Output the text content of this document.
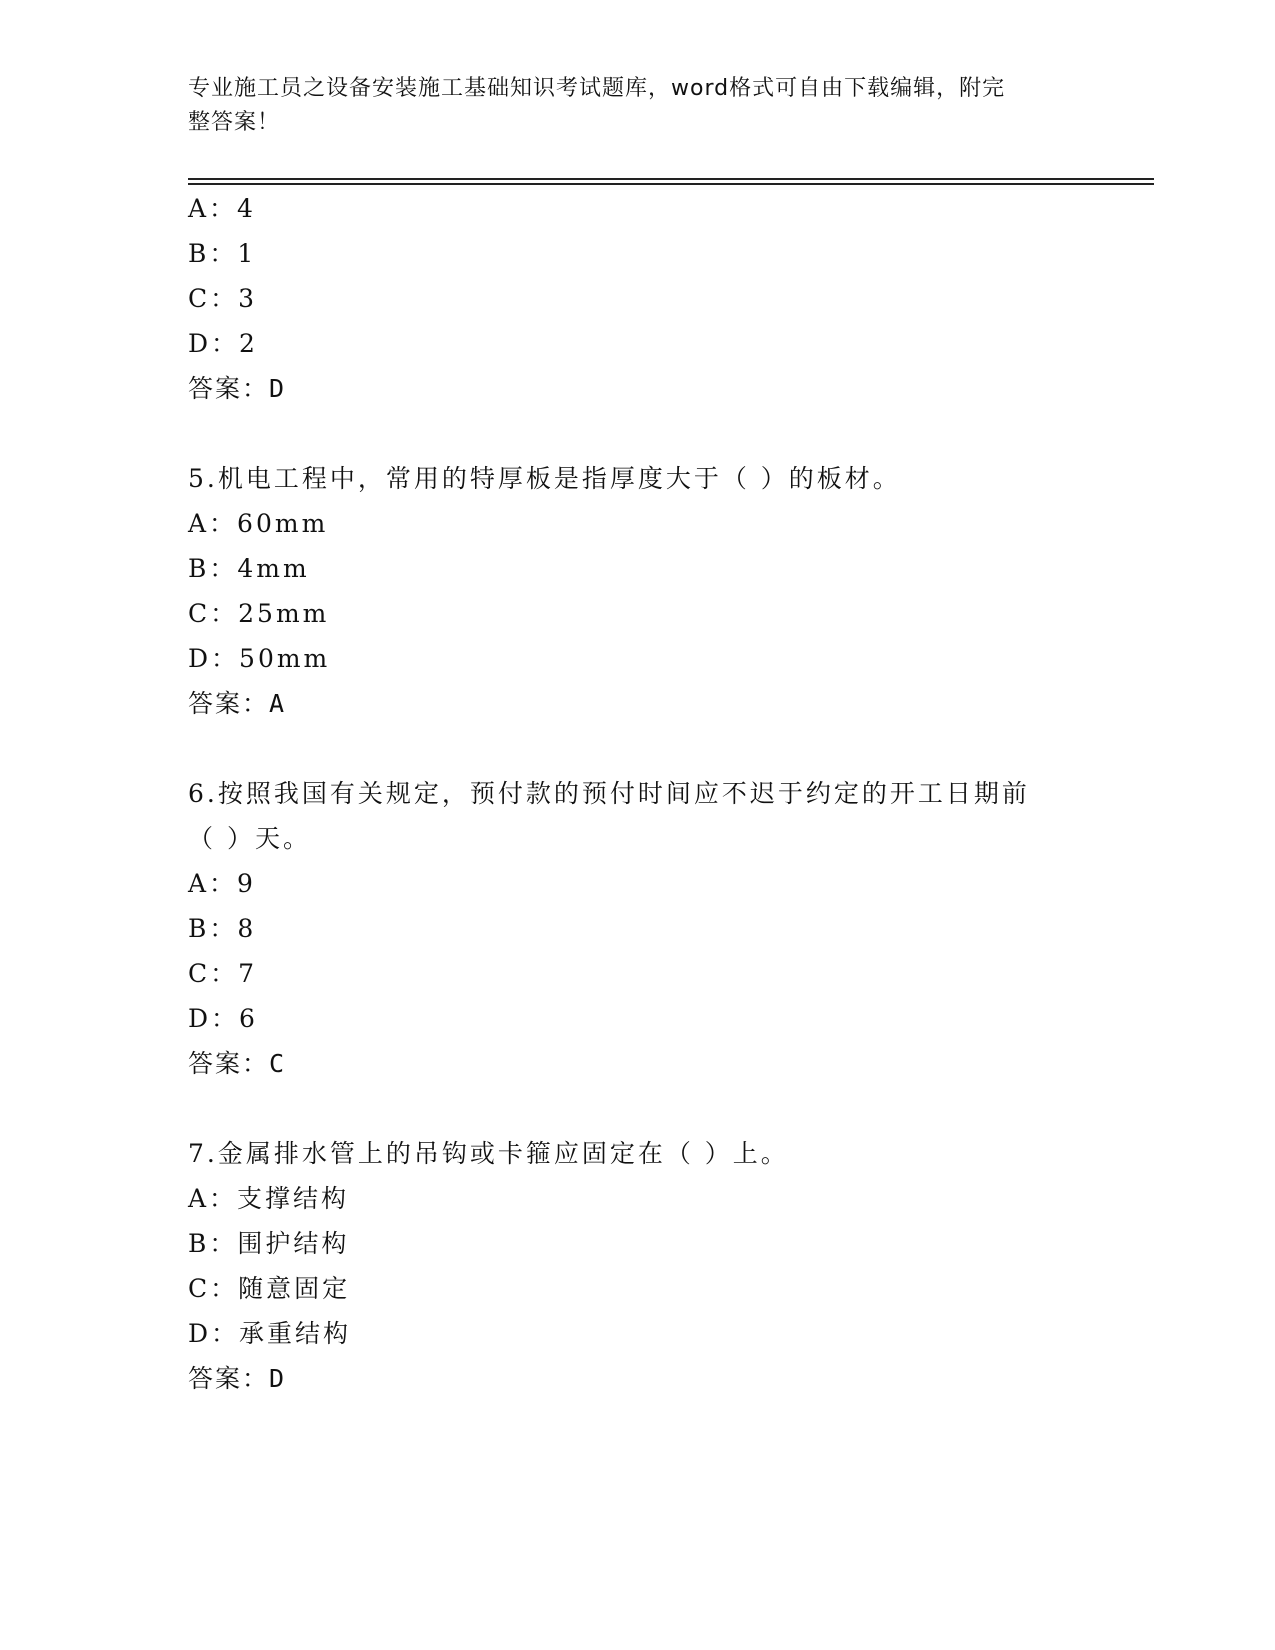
专业施工员之设备安装施工基础知识考试题库，word格式可自由下载编辑，附完
整答案！
A：4
B：1
C：3
D：2
答案：D
5.机电工程中，常用的特厚板是指厚度大于（ ）的板材。
A：60mm
B：4mm
C：25mm
D：50mm
答案：A
6.按照我国有关规定，预付款的预付时间应不迟于约定的开工日期前
（ ）天。
A：9
B：8
C：7
D：6
答案：C
7.金属排水管上的吊钩或卡箍应固定在（ ）上。
A：支撑结构
B：围护结构
C：随意固定
D：承重结构
答案：D
